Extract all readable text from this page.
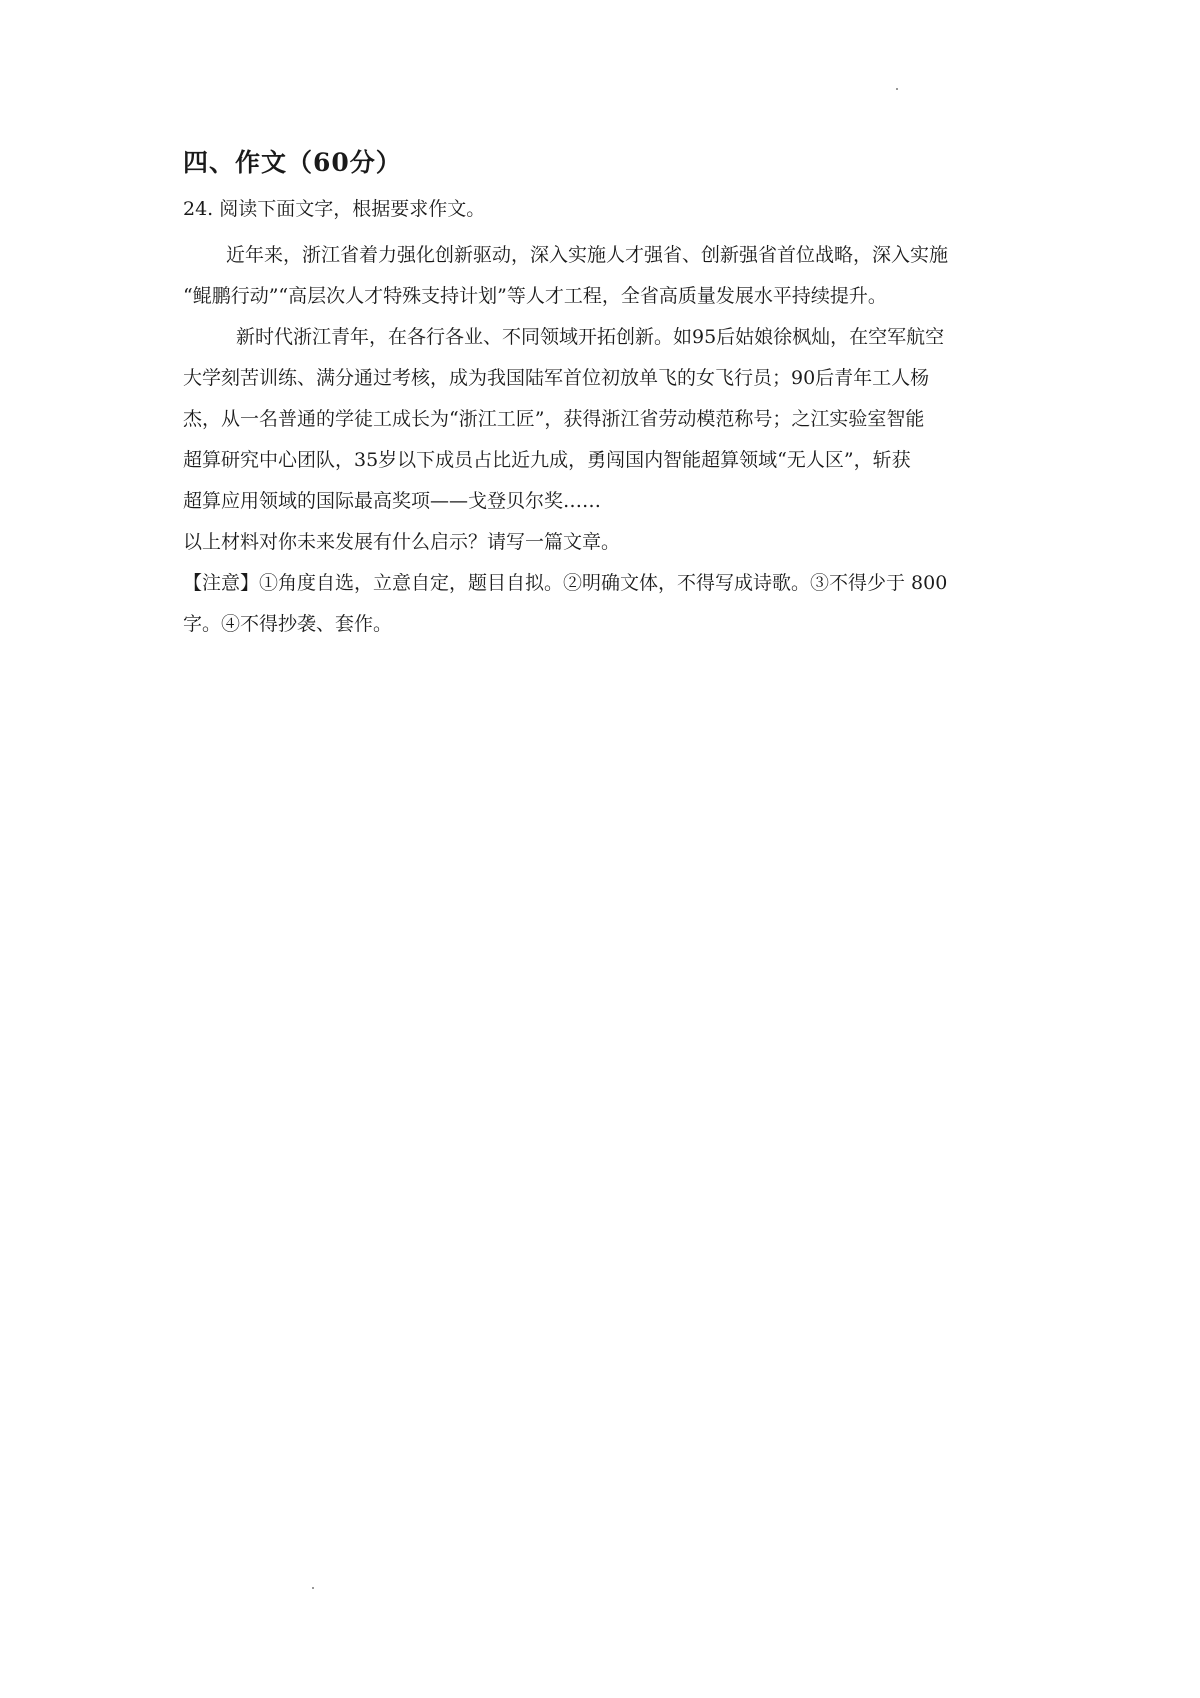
四、作文（60分）
24. 阅读下面文字，根据要求作文。
近年来，浙江省着力强化创新驱动，深入实施人才强省、创新强省首位战略，深入实施
“鲲鹏行动”“高层次人才特殊支持计划”等人才工程，全省高质量发展水平持续提升。
新时代浙江青年，在各行各业、不同领域开拓创新。如95后姑娘徐枫灿，在空军航空
大学刻苦训练、满分通过考核，成为我国陆军首位初放单飞的女飞行员；90后青年工人杨
杰，从一名普通的学徒工成长为“浙江工匠”，获得浙江省劳动模范称号；之江实验室智能
超算研究中心团队，35岁以下成员占比近九成，勇闯国内智能超算领域“无人区”，斩获
超算应用领域的国际最高奖项——戈登贝尔奖……
以上材料对你未来发展有什么启示？请写一篇文章。
【注意】①角度自选，立意自定，题目自拟。②明确文体，不得写成诗歌。③不得少于 800
字。④不得抄袭、套作。
